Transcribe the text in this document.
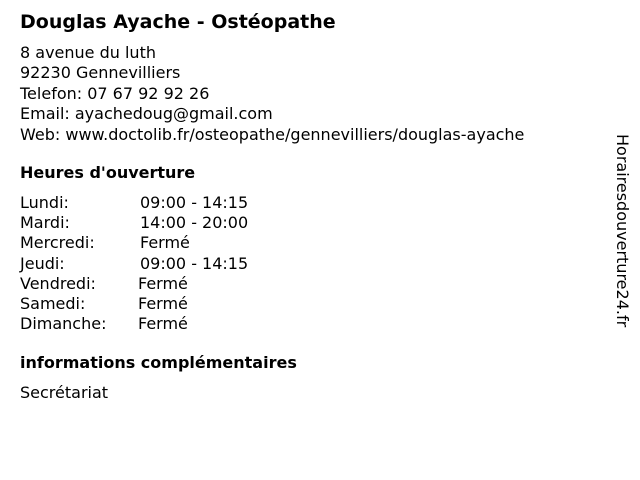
Douglas Ayache - Ostéopathe
8 avenue du luth
92230 Gennevilliers
Telefon: 07 67 92 92 26
Email: ayachedoug@gmail.com
Web: www.doctolib.fr/osteopathe/gennevilliers/douglas-ayache
Heures d'ouverture
Lundi:	09:00 - 14:15
Mardi:	14:00 - 20:00
Mercredi:	Fermé
Jeudi:	09:00 - 14:15
Vendredi:	Fermé
Samedi:	Fermé
Dimanche: Fermé
informations complémentaires
Secrétariat
Horairesdouverture24.fr
